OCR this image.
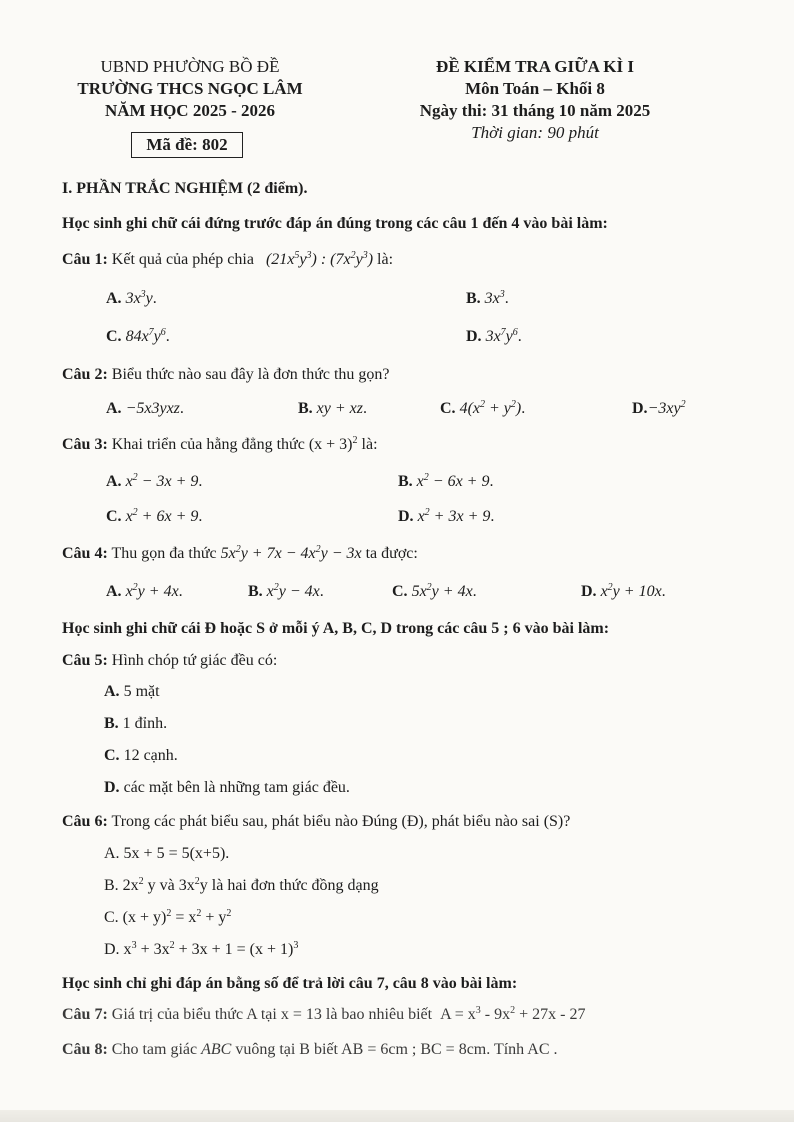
UBND PHƯỜNG BỒ ĐỀ
TRƯỜNG THCS NGỌC LÂM
NĂM HỌC 2025 - 2026
Mã đề: 802
ĐỀ KIỂM TRA GIỮA KÌ I
Môn Toán – Khối 8
Ngày thi: 31 tháng 10 năm 2025
Thời gian: 90 phút
I. PHẦN TRẮC NGHIỆM (2 điểm).
Học sinh ghi chữ cái đứng trước đáp án đúng trong các câu 1 đến 4 vào bài làm:
Câu 1: Kết quả của phép chia $(21x^5y^3)$ : $(7x^2y^3)$ là:
A. $3x^3y$.	B. $3x^3$.
C. $84x^7y^6$.	D. $3x^7y^6$.
Câu 2: Biểu thức nào sau đây là đơn thức thu gọn?
A. −5x3yxz.	B. xy + xz.	C. $4(x^2 + y^2)$.	$D.-3xy^2$
Câu 3: Khai triển của hằng đẳng thức $(x + 3)^2$ là:
A. $x^2 - 3x + 9$.	B. $x^2 - 6x + 9$.
C. $x^2 + 6x + 9$.	D. $x^2 + 3x + 9$.
Câu 4: Thu gọn đa thức $5x^2y + 7x - 4x^2y - 3x$ ta được:
A. $x^2y + 4x$.	B. $x^2y - 4x$.	C. $5x^2y + 4x$.	D. $x^2y + 10x$.
Học sinh ghi chữ cái Đ hoặc S ở mỗi ý A, B, C, D trong các câu 5 ; 6 vào bài làm:
Câu 5: Hình chóp tứ giác đều có:
A. 5 mặt
B. 1 đỉnh.
C. 12 cạnh.
D. các mặt bên là những tam giác đều.
Câu 6: Trong các phát biểu sau, phát biểu nào Đúng (Đ), phát biểu nào sai (S)?
A. 5x + 5 = 5(x+5).
B. $2x^2$ y và $3x^2y$ là hai đơn thức đồng dạng
C. $(x + y)^2 = x^2 + y^2$
D. $x^3 + 3x^2 + 3x + 1 = (x + 1)^3$
Học sinh chỉ ghi đáp án bằng số để trả lời câu 7, câu 8 vào bài làm:
Câu 7: Giá trị của biểu thức A tại x = 13 là bao nhiêu biết $A = x^3 - 9x^2 + 27x - 27$
Câu 8: Cho tam giác ABC vuông tại B biết AB = 6cm ; BC = 8cm. Tính AC .
